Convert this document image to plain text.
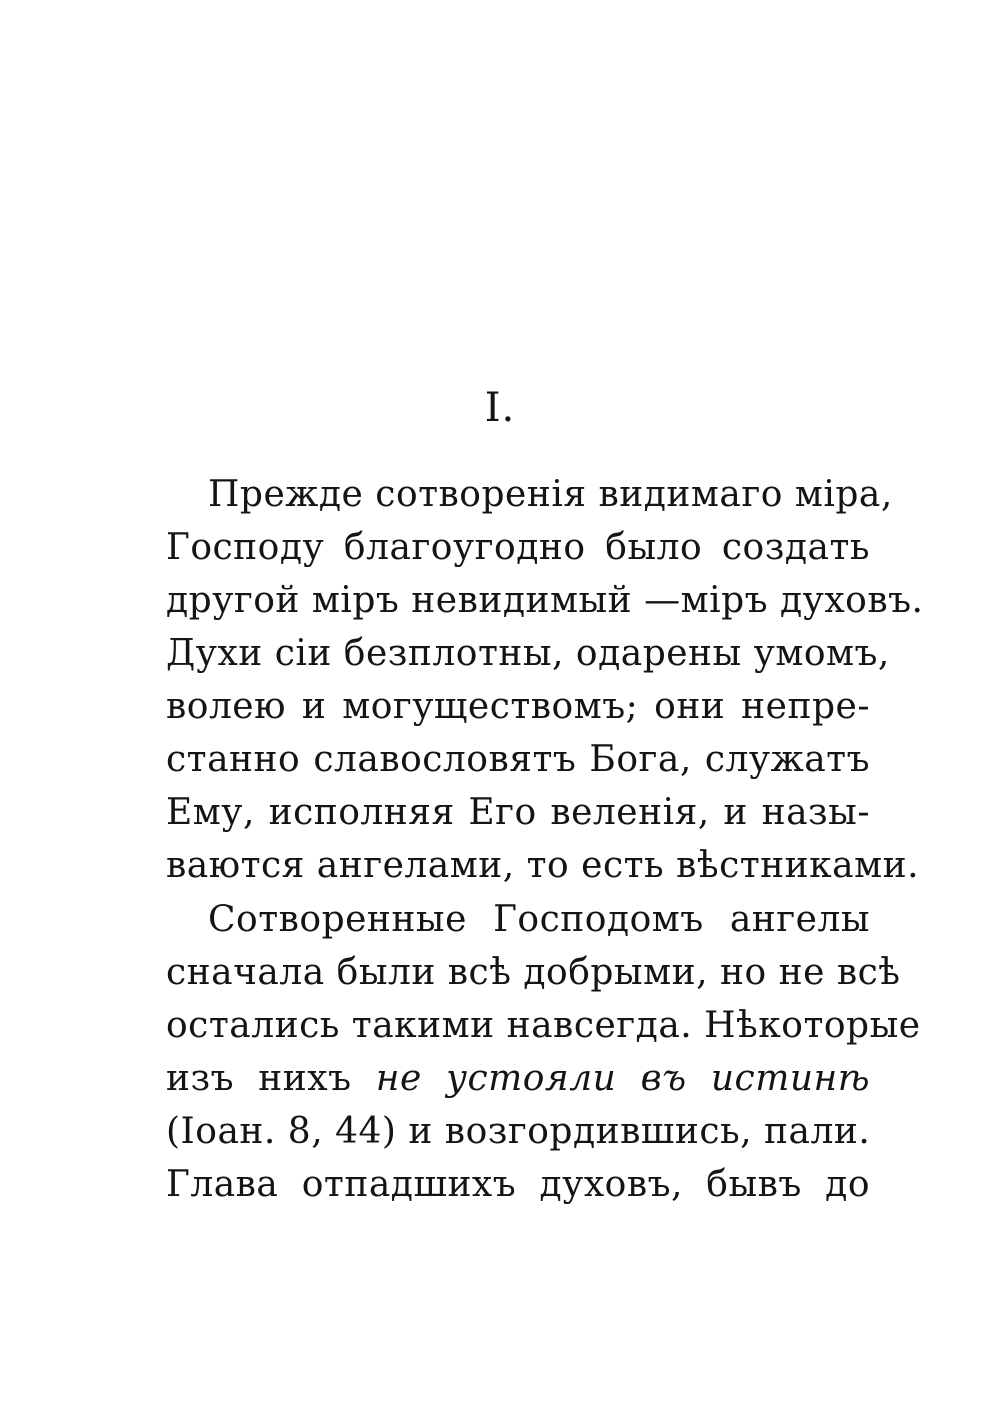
I.
Прежде сотворенія видимаго міра,
Господу благоугодно было создать
другой міръ невидимый —міръ духовъ.
Духи сіи безплотны, одарены умомъ,
волею и могуществомъ; они непре-
станно славословятъ Бога, служатъ
Ему, исполняя Его веленія, и назы-
ваются ангелами, то есть вѣстниками.
Сотворенные Господомъ ангелы
сначала были всѣ добрыми, но не всѣ
остались такими навсегда. Нѣкоторые
изъ нихъ не устояли въ истинѣ
(Іоан. 8, 44) и возгордившись, пали.
Глава отпадшихъ духовъ, бывъ до
